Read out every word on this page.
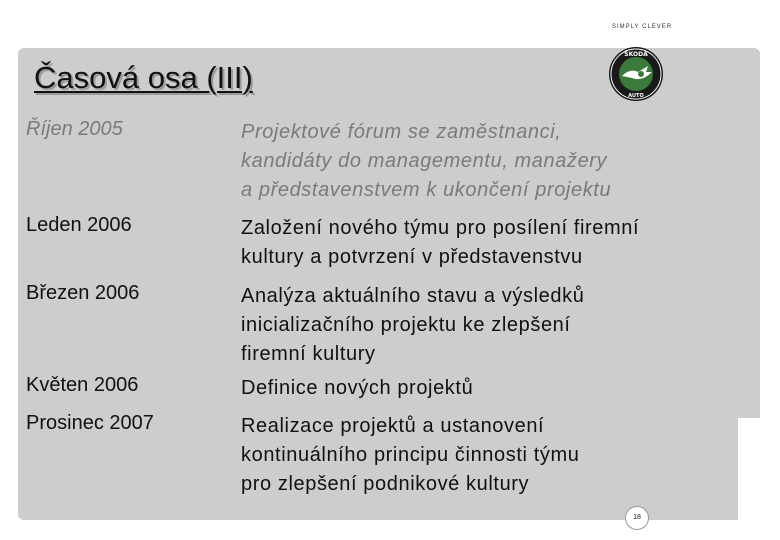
SIMPLY CLEVER
Časová osa (III)
ŠKODA
AUTO
Říjen 2005	Projektové fórum se zaměstnanci,
kandidáty do managementu, manažery
a představenstvem k ukončení projektu
Leden 2006	Založení nového týmu pro posílení firemní
kultury a potvrzení v představenstvu
Březen 2006	Analýza aktuálního stavu a výsledků
inicializačního projektu ke zlepšení
firemní kultury
Květen 2006	Definice nových projektů
Prosinec 2007	Realizace projektů a ustanovení
kontinuálního principu činnosti týmu
pro zlepšení podnikové kultury
18
